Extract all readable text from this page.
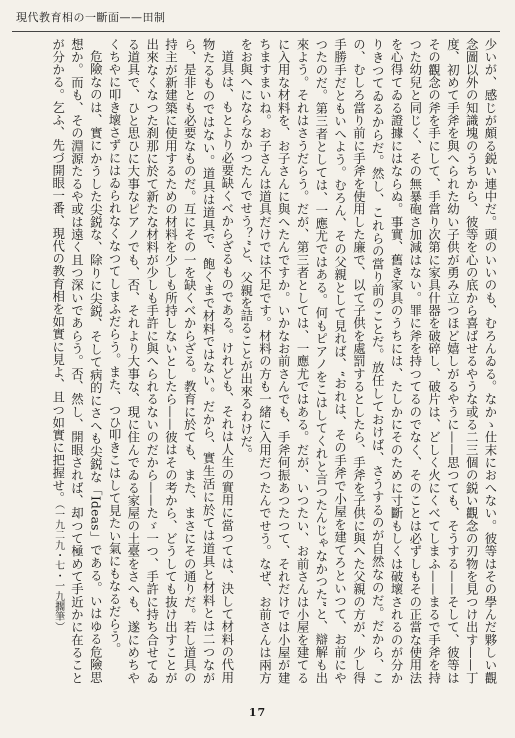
現代教育相の一斷面——田制

少いが、感じが頗る鋭い連中だ。頭のいいのも、むろんゐる。なかゝ仕末におへない。彼等はその學んだ夥しい觀念圖以外の知識塊のうちから、彼等を心の底から喜ばせるやうな或る二三個の鋭い觀念の刃物を見つけ出す——丁度、初めて手斧を與へられた幼い子供が勇み立つほど嬉しがるやうに——思つても、そうする——そして、彼等はその觀念の斧を手にして、手當り次第に家具什器を破碎し、破片は、どしく火にくべてしまふ——まるで手斧を持つた幼兒と同じく、その無暴砲さ加減はない。罪に斧を持つてるのでなく、そのことは必ずしもその正當な使用法を心得てゐる證據にはならぬ。事實、舊き家具のうちには、たしかにそのために寸斷もしくは破壞されるのが分かりきつてゐるからだ。然し、これらの當り前のことだ。放任しておけば、さうするのが自然なのだ。だから、この、むしろ當り前に手斧を使用した廉で、以て子供を處罰するとしたら、手斧を子供に與へた父親の方が、少し得手勝手だともいへよう。むろん、その父親として見れば、“おれは、その手斧で小屋を建てろといつて、お前にやつたのだ。第三者としては、一應尤ではある。何もピアノをこはしてくれと言つたんじゃなかつた”と、辯解も出來よう。それはさうだらう。だが、第三者としては、一應尤ではある。だが、いつたい、お前さんは小屋を建てるに入用な材料を、お子さんに與へたんですか。いかなお前さんでも、手斧何振あつたつて、それだけでは小屋が建ちますまいね。お子さんは道具だけでは不足です。材料の方も一緒に入用だつたんでせう。なぜ、お前さんは兩方をお與へにならなかつたんでせう？”と、父親を詰ることが出來るわけだ。

道具は、もとより必要缺くべからざるものである。けれども、それは人生の實用に當つては、決して材料の代用物たるものではない。道具は道具で、飽くまで材料ではない。だから、實生活に於ては道具と材料とは二つながら、是非とも必要なものだ。互にその一を缺くべからざる。教育に於ても、また、まさにその通りだ。若し道具の持主が新建築に使用するための材料を少しも所持しないとしたら——彼はその考から、どうしても抜け出すことが出來なくなつた刹那に於て新たな材料が少しも手許に與へられるないのだから——たゞ一つ、手許に持ち合せてゐる道具で、ひと思ひに大事なピアノでも、否、それより大事な、現に住んでゐる家屋の土臺をさへも、遂にめちやくちやに叩き壞さずにはゐられなくなつてしまふだらう。また、つひ叩きこはして見たい氣にもなるだらう。

危險なのは、實にかうした尖鋭な、除りに尖鋭、そして病的にさへも尖鋭な「Ideas」である。いはゆる危險思想か。而も、その淵源たるや或は遠く且つ深いであらう。否、然し、開眼されば、却つて極めて手近かに在ることが分かる。乞ふ、先づ開眼一番、現代の教育相を如實に見よ、且つ如實に把握せ。（一九二九・七・一九擱筆）

17
